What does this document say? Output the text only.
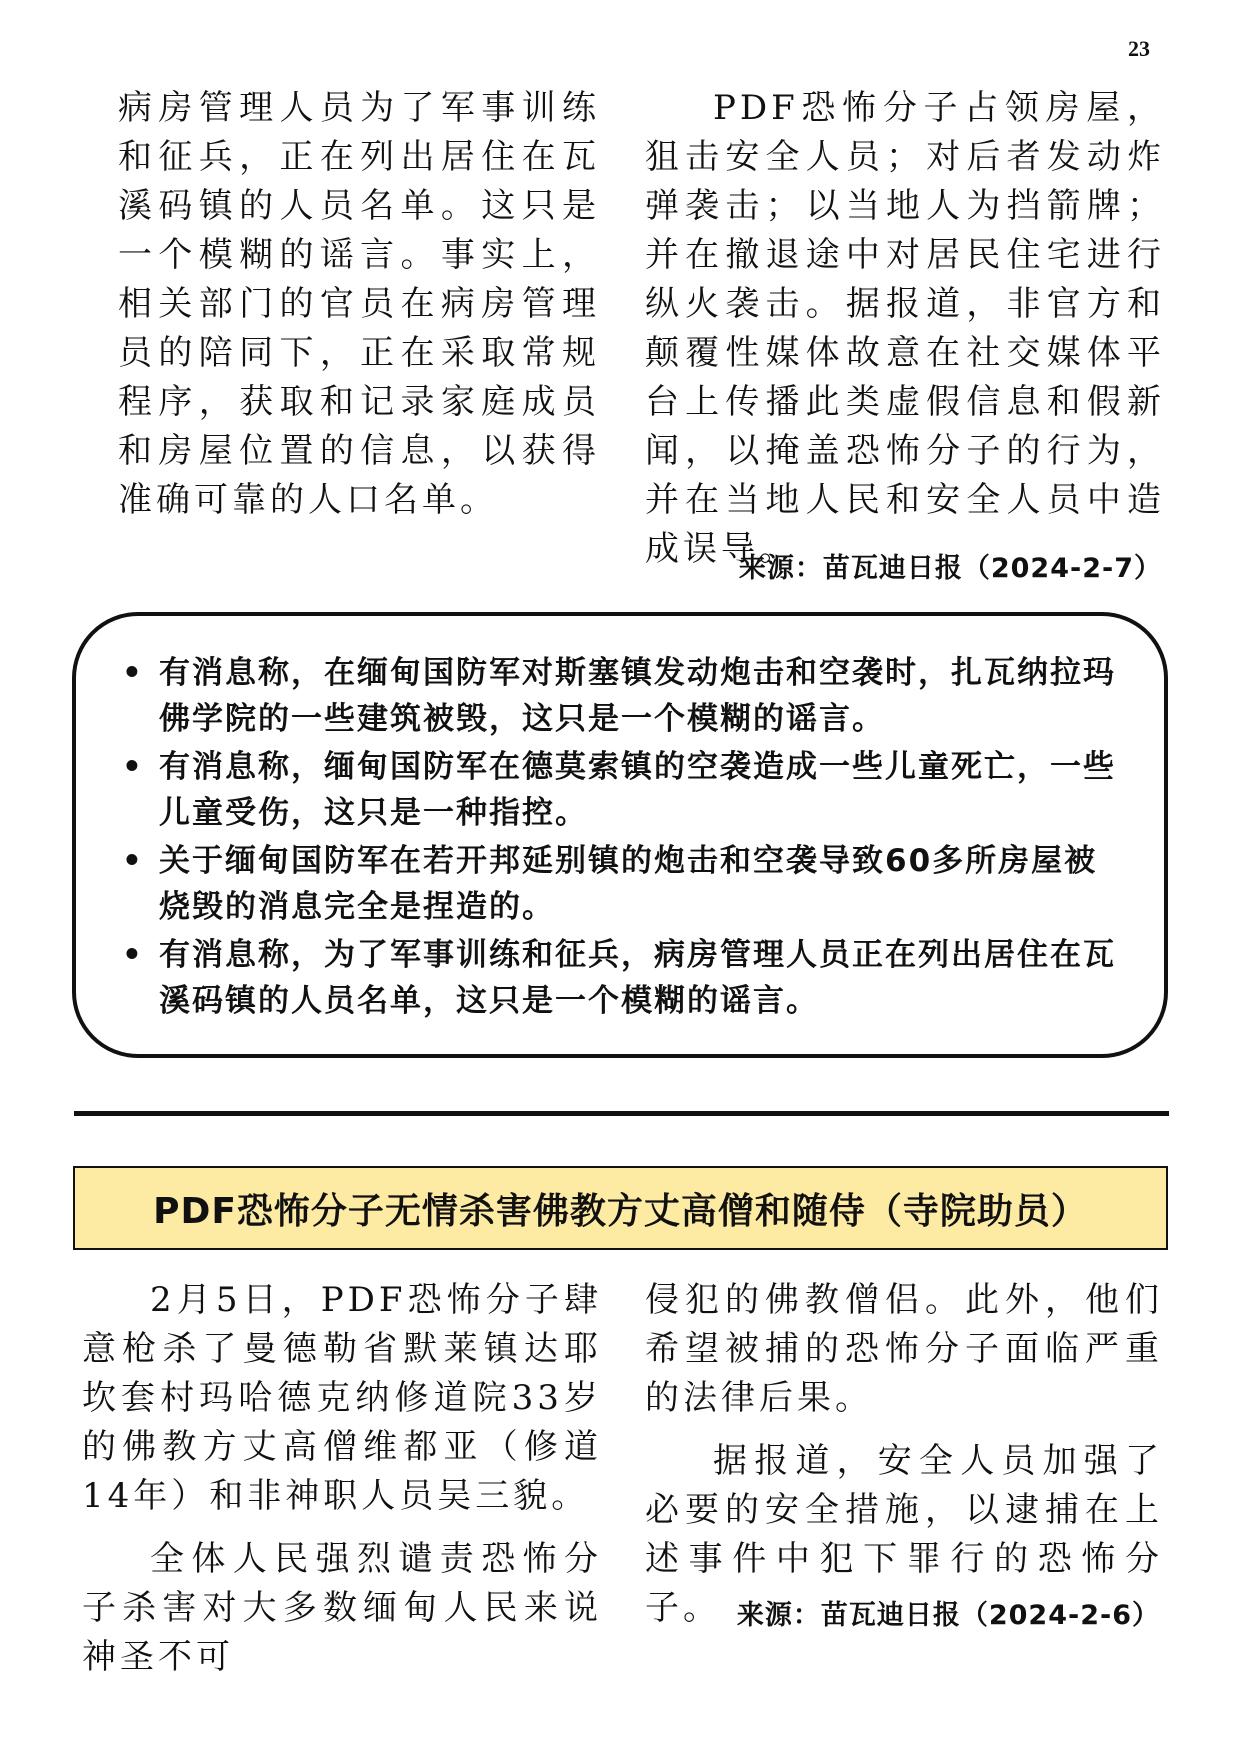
23

病房管理人员为了军事训练和征兵，正在列出居住在瓦溪码镇的人员名单。这只是一个模糊的谣言。事实上，相关部门的官员在病房管理员的陪同下，正在采取常规程序，获取和记录家庭成员和房屋位置的信息，以获得准确可靠的人口名单。

PDF恐怖分子占领房屋，狙击安全人员；对后者发动炸弹袭击；以当地人为挡箭牌；并在撤退途中对居民住宅进行纵火袭击。据报道，非官方和颠覆性媒体故意在社交媒体平台上传播此类虚假信息和假新闻，以掩盖恐怖分子的行为，并在当地人民和安全人员中造成误导。

来源：苗瓦迪日报（2024-2-7）
• 有消息称，在缅甸国防军对斯塞镇发动炮击和空袭时，扎瓦纳拉玛佛学院的一些建筑被毁，这只是一个模糊的谣言。
• 有消息称，缅甸国防军在德莫索镇的空袭造成一些儿童死亡，一些儿童受伤，这只是一种指控。
• 关于缅甸国防军在若开邦延别镇的炮击和空袭导致60多所房屋被烧毁的消息完全是捏造的。
• 有消息称，为了军事训练和征兵，病房管理人员正在列出居住在瓦溪码镇的人员名单，这只是一个模糊的谣言。
PDF恐怖分子无情杀害佛教方丈高僧和随侍（寺院助员）

2月5日，PDF恐怖分子肆意枪杀了曼德勒省默莱镇达耶坎套村玛哈德克纳修道院33岁的佛教方丈高僧维都亚（修道14年）和非神职人员吴三貌。

全体人民强烈谴责恐怖分子杀害对大多数缅甸人民来说神圣不可

侵犯的佛教僧侣。此外，他们希望被捕的恐怖分子面临严重的法律后果。

据报道，安全人员加强了必要的安全措施，以逮捕在上述事件中犯下罪行的恐怖分子。 来源：苗瓦迪日报（2024-2-6）
